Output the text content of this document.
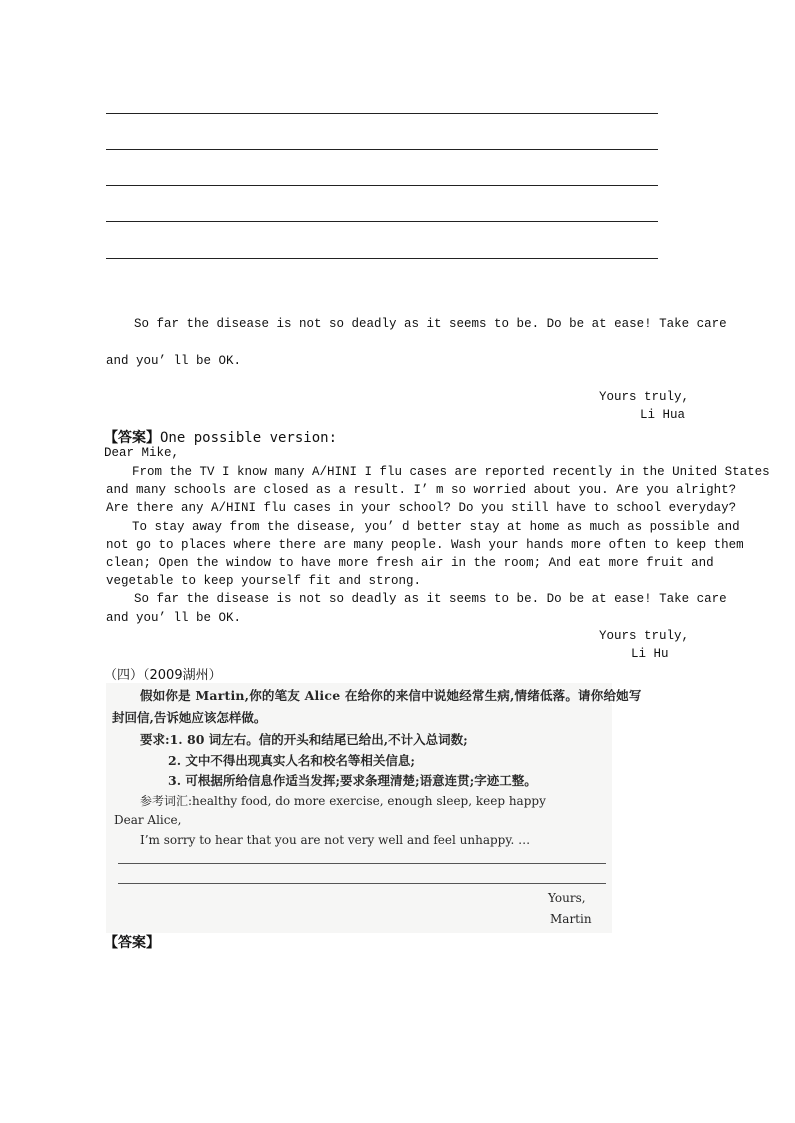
So far the disease is not so deadly as it seems to be. Do be at ease! Take care
and you’ ll be OK.
Yours truly,
Li Hua
【答案】One possible version:
Dear Mike,
From the TV I know many A/HINI I flu cases are reported recently in the United States
and many schools are closed as a result. I’ m so worried about you. Are you alright?
Are there any A/HINI flu cases in your school? Do you still have to school everyday?
To stay away from the disease, you’ d better stay at home as much as possible and
not go to places where there are many people. Wash your hands more often to keep them
clean; Open the window to have more fresh air in the room; And eat more fruit and
vegetable to keep yourself fit and strong.
So far the disease is not so deadly as it seems to be. Do be at ease! Take care
and you’ ll be OK.
Yours truly,
Li Hu
（四）（2009湖州）
假如你是 Martin,你的笔友 Alice 在给你的来信中说她经常生病,情绪低落。请你给她写
封回信,告诉她应该怎样做。
要求:1. 80 词左右。信的开头和结尾已给出,不计入总词数;
2. 文中不得出现真实人名和校名等相关信息;
3. 可根据所给信息作适当发挥;要求条理清楚;语意连贯;字迹工整。
参考词汇:healthy food, do more exercise, enough sleep, keep happy
Dear Alice,
I’m sorry to hear that you are not very well and feel unhappy. …
Yours,
Martin
【答案】
